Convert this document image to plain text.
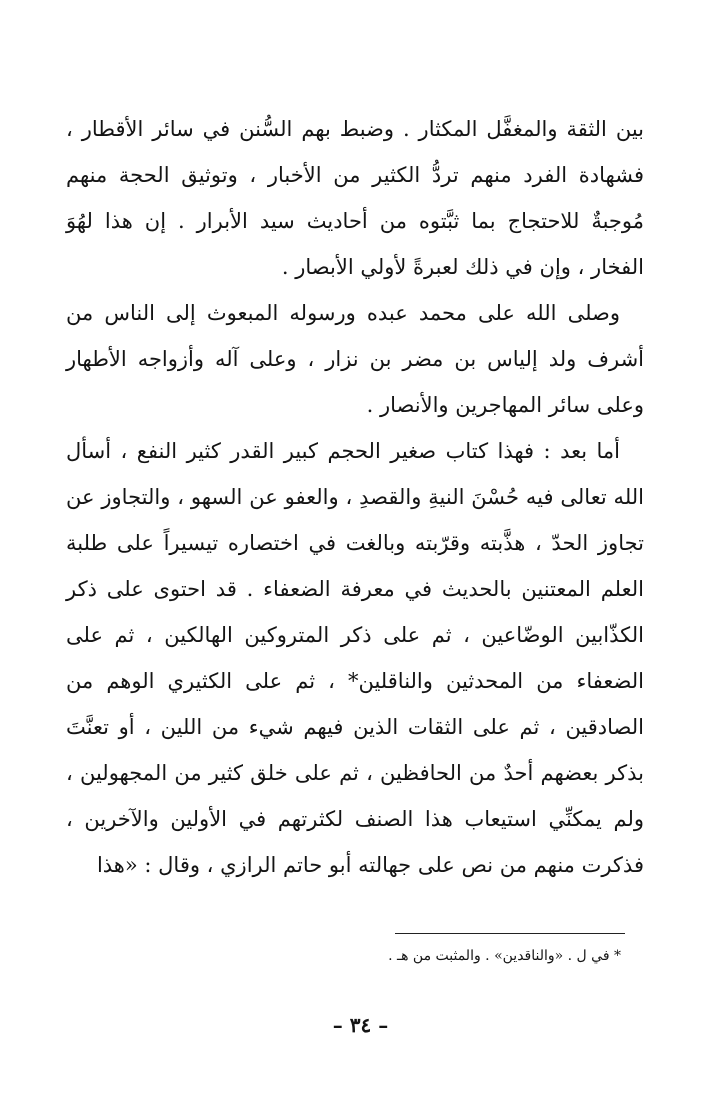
بين الثقة والمغفَّل المكثار . وضبط بهم السُّنن في سائر الأقطار ، فشهادة الفرد منهم تردُّ الكثير من الأخبار ، وتوثيق الحجة منهم مُوجبةٌ للاحتجاج بما ثبَّتوه من أحاديث سيد الأبرار . إن هذا لهُوَ الفخار ، وإن في ذلك لعبرةً لأولي الأبصار .

وصلى الله على محمد عبده ورسوله المبعوث إلى الناس من أشرف ولد إلياس بن مضر بن نزار ، وعلى آله وأزواجه الأطهار وعلى سائر المهاجرين والأنصار .

أما بعد : فهذا كتاب صغير الحجم كبير القدر كثير النفع ، أسأل الله تعالى فيه حُسْنَ النيةِ والقصدِ ، والعفو عن السهو ، والتجاوز عن تجاوز الحدّ ، هذَّبته وقرّبته وبالغت في اختصاره تيسيراً على طلبة العلم المعتنين بالحديث في معرفة الضعفاء . قد احتوى على ذكر الكذّابين الوضّاعين ، ثم على ذكر المتروكين الهالكين ، ثم على الضعفاء من المحدثين والناقلين* ، ثم على الكثيري الوهم من الصادقين ، ثم على الثقات الذين فيهم شيء من اللين ، أو تعنَّتَ بذكر بعضهم أحدٌ من الحافظين ، ثم على خلق كثير من المجهولين ، ولم يمكنِّي استيعاب هذا الصنف لكثرتهم في الأولين والآخرين ، فذكرت منهم من نص على جهالته أبو حاتم الرازي ، وقال : «هذا

* في ل . «والناقدين» . والمثبت من هـ .
– ٣٤ –
